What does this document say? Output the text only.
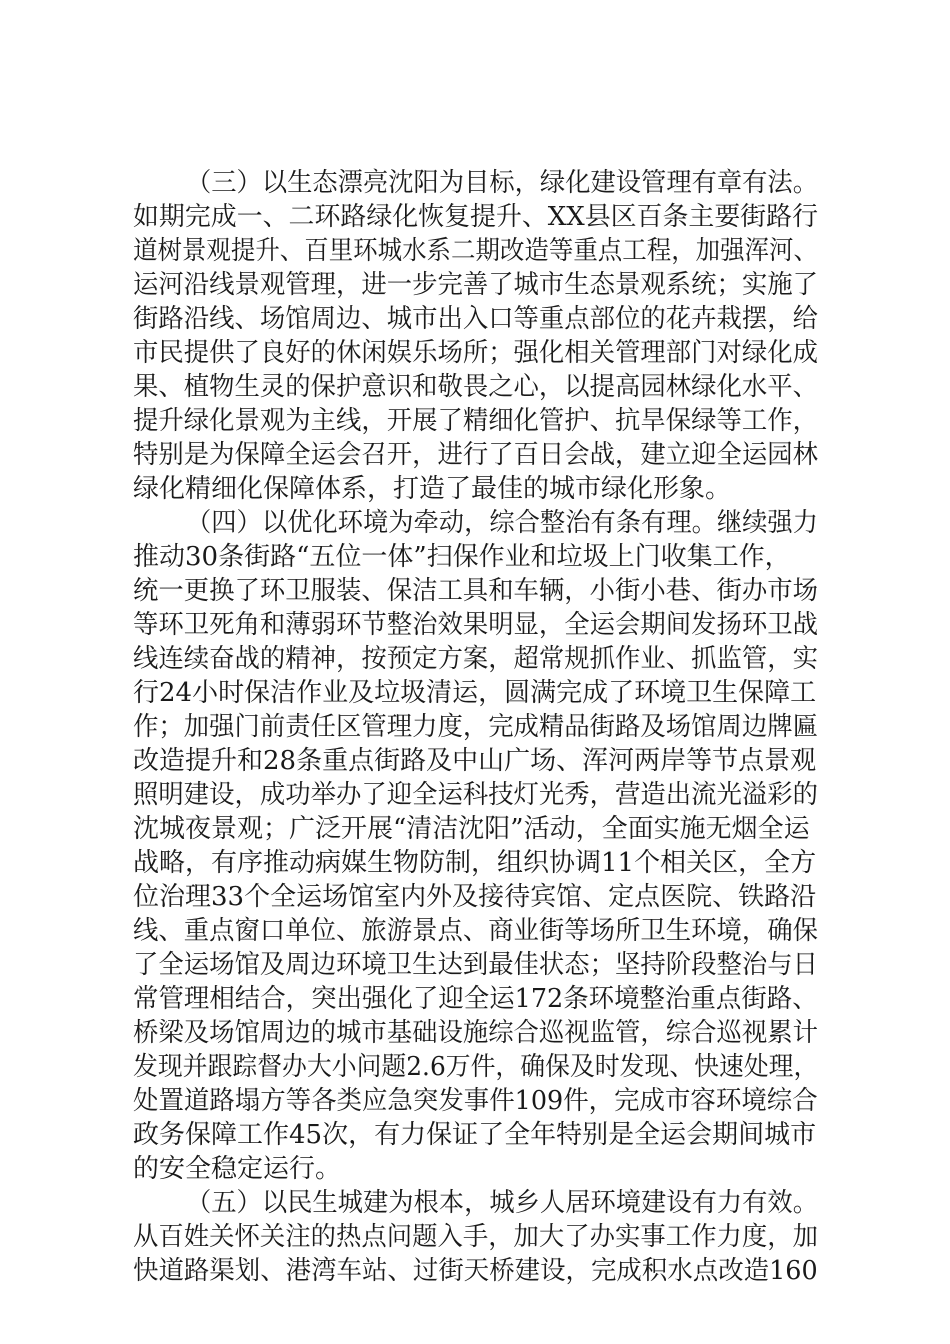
（三）以生态漂亮沈阳为目标，绿化建设管理有章有法。

如期完成一、二环路绿化恢复提升、XX县区百条主要街路行

道树景观提升、百里环城水系二期改造等重点工程，加强浑河、

运河沿线景观管理，进一步完善了城市生态景观系统；实施了

街路沿线、场馆周边、城市出入口等重点部位的花卉栽摆，给

市民提供了良好的休闲娱乐场所；强化相关管理部门对绿化成

果、植物生灵的保护意识和敬畏之心，以提高园林绿化水平、

提升绿化景观为主线，开展了精细化管护、抗旱保绿等工作，

特别是为保障全运会召开，进行了百日会战，建立迎全运园林

绿化精细化保障体系，打造了最佳的城市绿化形象。

（四）以优化环境为牵动，综合整治有条有理。继续强力

推动30条街路“五位一体”扫保作业和垃圾上门收集工作，

统一更换了环卫服装、保洁工具和车辆，小街小巷、街办市场

等环卫死角和薄弱环节整治效果明显，全运会期间发扬环卫战

线连续奋战的精神，按预定方案，超常规抓作业、抓监管，实

行24小时保洁作业及垃圾清运，圆满完成了环境卫生保障工

作；加强门前责任区管理力度，完成精品街路及场馆周边牌匾

改造提升和28条重点街路及中山广场、浑河两岸等节点景观

照明建设，成功举办了迎全运科技灯光秀，营造出流光溢彩的

沈城夜景观；广泛开展“清洁沈阳”活动，全面实施无烟全运

战略，有序推动病媒生物防制，组织协调11个相关区，全方

位治理33个全运场馆室内外及接待宾馆、定点医院、铁路沿

线、重点窗口单位、旅游景点、商业街等场所卫生环境，确保

了全运场馆及周边环境卫生达到最佳状态；坚持阶段整治与日

常管理相结合，突出强化了迎全运172条环境整治重点街路、

桥梁及场馆周边的城市基础设施综合巡视监管，综合巡视累计

发现并跟踪督办大小问题2.6万件，确保及时发现、快速处理，

处置道路塌方等各类应急突发事件109件，完成市容环境综合

政务保障工作45次，有力保证了全年特别是全运会期间城市

的安全稳定运行。

（五）以民生城建为根本，城乡人居环境建设有力有效。

从百姓关怀关注的热点问题入手，加大了办实事工作力度，加

快道路渠划、港湾车站、过街天桥建设，完成积水点改造160
